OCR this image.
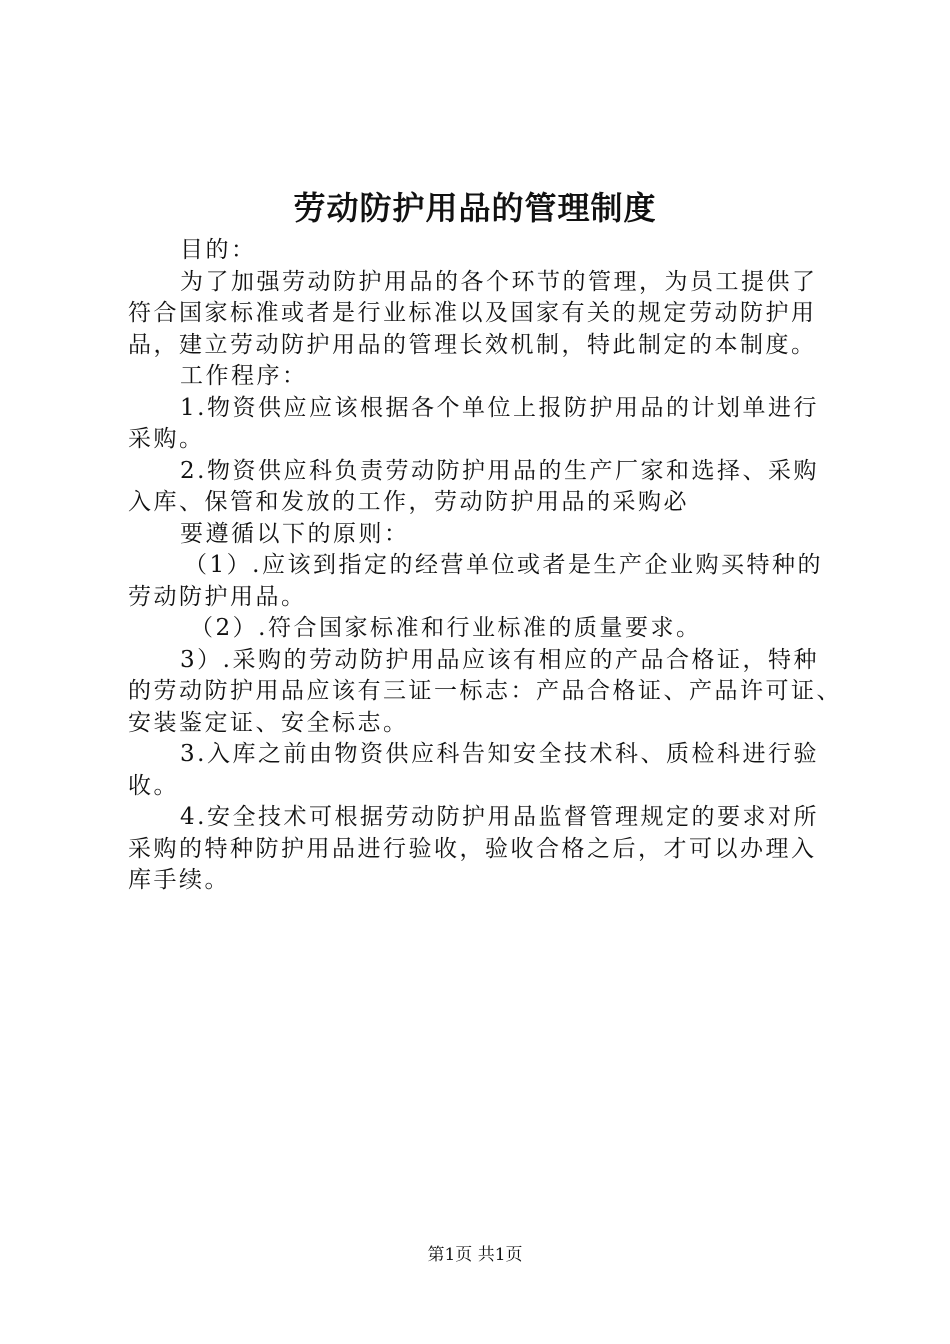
劳动防护用品的管理制度
目的：
为了加强劳动防护用品的各个环节的管理，为员工提供了
符合国家标准或者是行业标准以及国家有关的规定劳动防护用
品，建立劳动防护用品的管理长效机制，特此制定的本制度。
工作程序：
1.物资供应应该根据各个单位上报防护用品的计划单进行
采购。
2.物资供应科负责劳动防护用品的生产厂家和选择、采购
入库、保管和发放的工作，劳动防护用品的采购必
要遵循以下的原则：
（1）.应该到指定的经营单位或者是生产企业购买特种的
劳动防护用品。
（2）.符合国家标准和行业标准的质量要求。
3）.采购的劳动防护用品应该有相应的产品合格证，特种
的劳动防护用品应该有三证一标志：产品合格证、产品许可证、
安装鉴定证、安全标志。
3.入库之前由物资供应科告知安全技术科、质检科进行验
收。
4.安全技术可根据劳动防护用品监督管理规定的要求对所
采购的特种防护用品进行验收，验收合格之后，才可以办理入
库手续。
第1页 共1页
